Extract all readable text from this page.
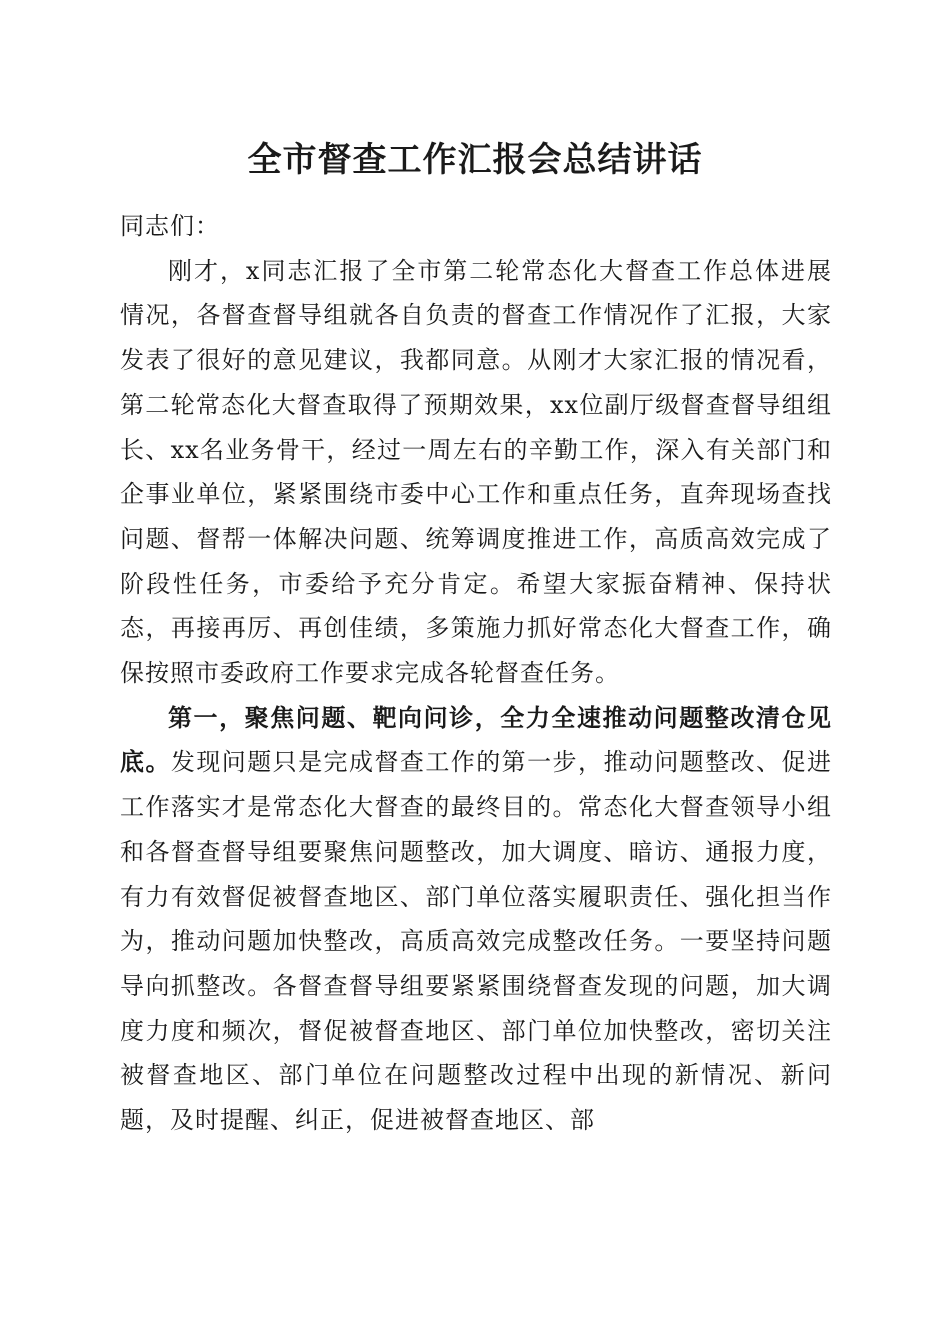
全市督查工作汇报会总结讲话

同志们：

刚才，x同志汇报了全市第二轮常态化大督查工作总体进展情况，各督查督导组就各自负责的督查工作情况作了汇报，大家发表了很好的意见建议，我都同意。从刚才大家汇报的情况看，第二轮常态化大督查取得了预期效果，xx位副厅级督查督导组组长、xx名业务骨干，经过一周左右的辛勤工作，深入有关部门和企事业单位，紧紧围绕市委中心工作和重点任务，直奔现场查找问题、督帮一体解决问题、统筹调度推进工作，高质高效完成了阶段性任务，市委给予充分肯定。希望大家振奋精神、保持状态，再接再厉、再创佳绩，多策施力抓好常态化大督查工作，确保按照市委政府工作要求完成各轮督查任务。

第一，聚焦问题、靶向问诊，全力全速推动问题整改清仓见底。发现问题只是完成督查工作的第一步，推动问题整改、促进工作落实才是常态化大督查的最终目的。常态化大督查领导小组和各督查督导组要聚焦问题整改，加大调度、暗访、通报力度，有力有效督促被督查地区、部门单位落实履职责任、强化担当作为，推动问题加快整改，高质高效完成整改任务。一要坚持问题导向抓整改。各督查督导组要紧紧围绕督查发现的问题，加大调度力度和频次，督促被督查地区、部门单位加快整改，密切关注被督查地区、部门单位在问题整改过程中出现的新情况、新问题，及时提醒、纠正，促进被督查地区、部
